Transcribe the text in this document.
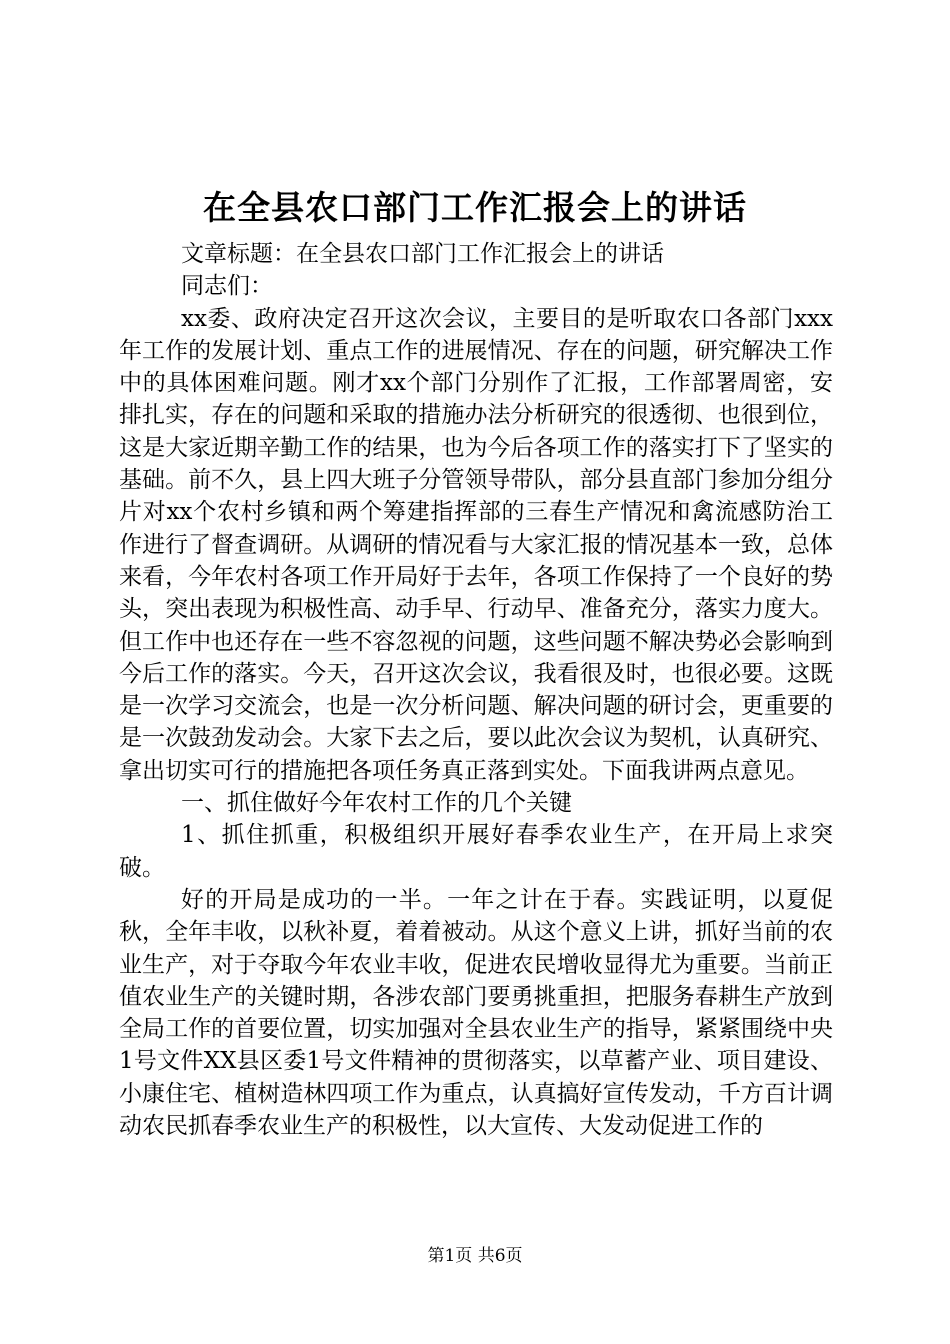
在全县农口部门工作汇报会上的讲话

文章标题：在全县农口部门工作汇报会上的讲话

同志们：

xx委、政府决定召开这次会议，主要目的是听取农口各部门xxx年工作的发展计划、重点工作的进展情况、存在的问题，研究解决工作中的具体困难问题。刚才xx个部门分别作了汇报，工作部署周密，安排扎实，存在的问题和采取的措施办法分析研究的很透彻、也很到位，这是大家近期辛勤工作的结果，也为今后各项工作的落实打下了坚实的基础。前不久，县上四大班子分管领导带队，部分县直部门参加分组分片对xx个农村乡镇和两个筹建指挥部的三春生产情况和禽流感防治工作进行了督查调研。从调研的情况看与大家汇报的情况基本一致，总体来看，今年农村各项工作开局好于去年，各项工作保持了一个良好的势头，突出表现为积极性高、动手早、行动早、准备充分，落实力度大。但工作中也还存在一些不容忽视的问题，这些问题不解决势必会影响到今后工作的落实。今天，召开这次会议，我看很及时，也很必要。这既是一次学习交流会，也是一次分析问题、解决问题的研讨会，更重要的是一次鼓劲发动会。大家下去之后，要以此次会议为契机，认真研究、拿出切实可行的措施把各项任务真正落到实处。下面我讲两点意见。

一、抓住做好今年农村工作的几个关键

1、抓住抓重，积极组织开展好春季农业生产，在开局上求突破。

好的开局是成功的一半。一年之计在于春。实践证明，以夏促秋，全年丰收，以秋补夏，着着被动。从这个意义上讲，抓好当前的农业生产，对于夺取今年农业丰收，促进农民增收显得尤为重要。当前正值农业生产的关键时期，各涉农部门要勇挑重担，把服务春耕生产放到全局工作的首要位置，切实加强对全县农业生产的指导，紧紧围绕中央1号文件XX县区委1号文件精神的贯彻落实，以草蓄产业、项目建设、小康住宅、植树造林四项工作为重点，认真搞好宣传发动，千方百计调动农民抓春季农业生产的积极性，以大宣传、大发动促进工作的

第1页 共6页
